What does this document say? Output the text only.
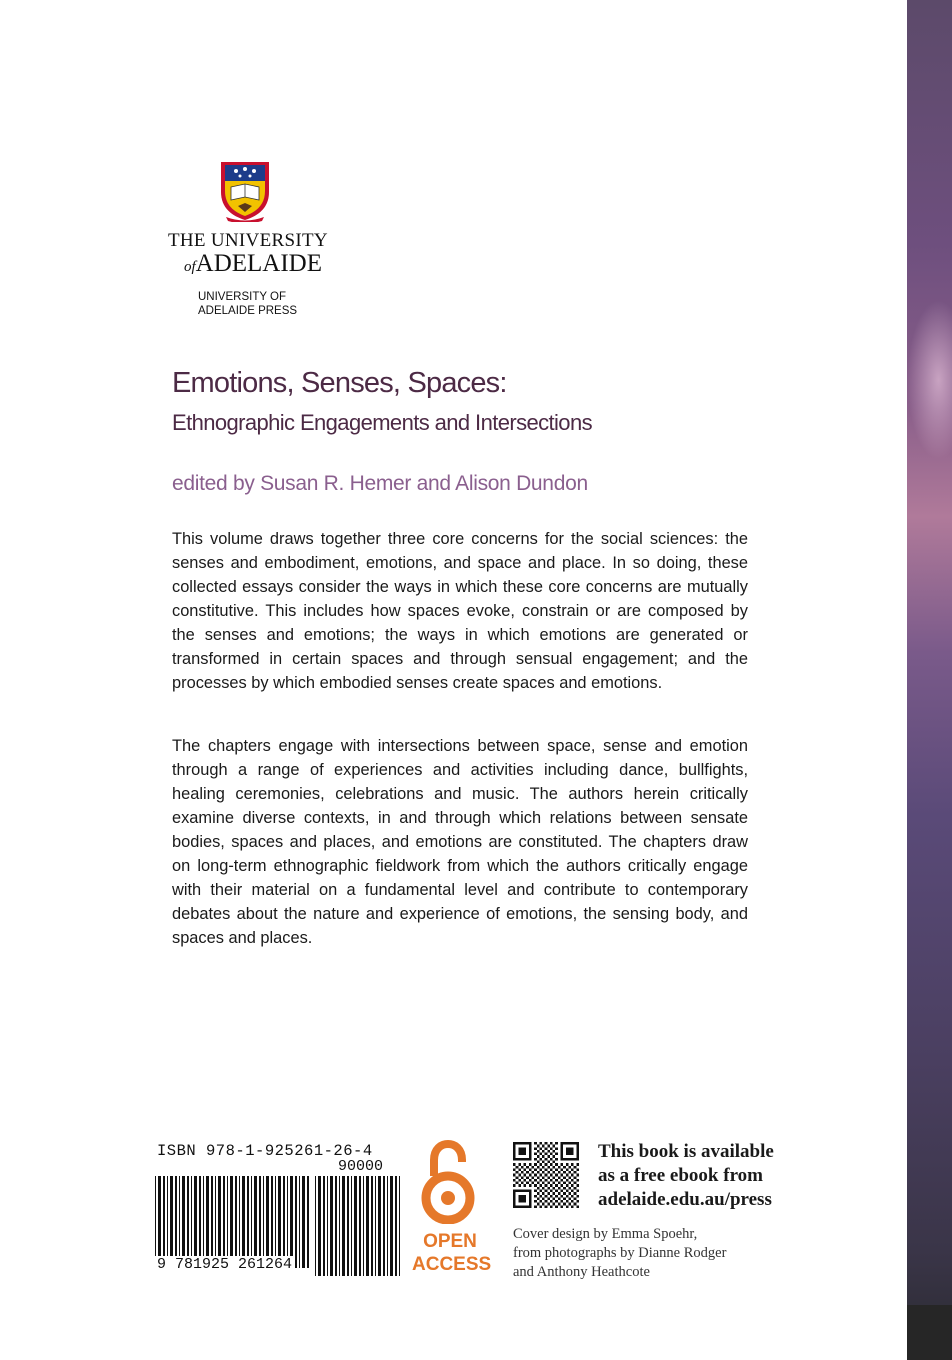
THE UNIVERSITY
ofADELAIDE
UNIVERSITY OF
ADELAIDE PRESS
Emotions, Senses, Spaces:
Ethnographic Engagements and Intersections

edited by Susan R. Hemer and Alison Dundon

This volume draws together three core concerns for the social sciences: the senses and embodiment, emotions, and space and place. In so doing, these collected essays consider the ways in which these core concerns are mutually constitutive. This includes how spaces evoke, constrain or are composed by the senses and emotions; the ways in which emotions are generated or transformed in certain spaces and through sensual engagement; and the processes by which embodied senses create spaces and emotions.

The chapters engage with intersections between space, sense and emotion through a range of experiences and activities including dance, bullfights, healing ceremonies, celebrations and music. The authors herein critically examine diverse contexts, in and through which relations between sensate bodies, spaces and places, and emotions are constituted. The chapters draw on long-term ethnographic fieldwork from which the authors critically engage with their material on a fundamental level and contribute to contemporary debates about the nature and experience of emotions, the sensing body, and spaces and places.

ISBN 978-1-925261-26-4
90000
9 781925 261264
OPEN
ACCESS
This book is available
as a free ebook from
adelaide.edu.au/press
Cover design by Emma Spoehr,
from photographs by Dianne Rodger
and Anthony Heathcote
